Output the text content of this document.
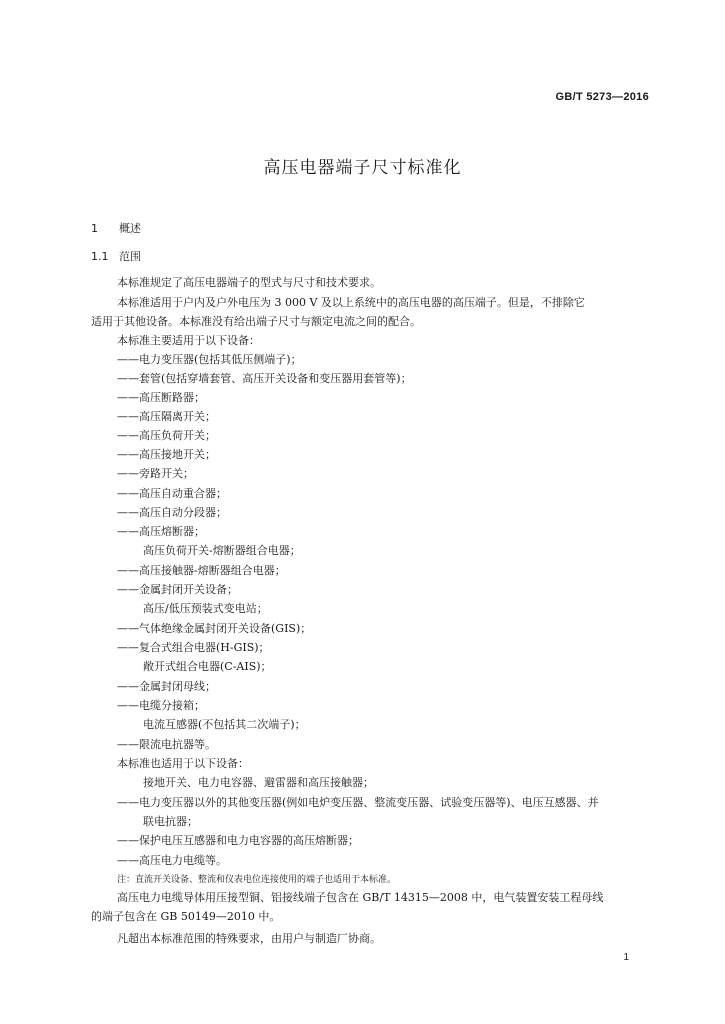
GB/T 5273—2016
高压电器端子尺寸标准化
1 概述
1.1 范围
本标准规定了高压电器端子的型式与尺寸和技术要求。
本标准适用于户内及户外电压为 3 000 V 及以上系统中的高压电器的高压端子。但是，不排除它
适用于其他设备。本标准没有给出端子尺寸与额定电流之间的配合。
本标准主要适用于以下设备：
——电力变压器(包括其低压侧端子)；
——套管(包括穿墙套管、高压开关设备和变压器用套管等)；
——高压断路器；
——高压隔离开关；
——高压负荷开关；
——高压接地开关；
——旁路开关；
——高压自动重合器；
——高压自动分段器；
——高压熔断器；
高压负荷开关-熔断器组合电器；
——高压接触器-熔断器组合电器；
——金属封闭开关设备；
高压/低压预装式变电站；
——气体绝缘金属封闭开关设备(GIS)；
——复合式组合电器(H-GIS)；
敞开式组合电器(C-AIS)；
——金属封闭母线；
——电缆分接箱；
电流互感器(不包括其二次端子)；
——限流电抗器等。
本标准也适用于以下设备：
接地开关、电力电容器、避雷器和高压接触器；
——电力变压器以外的其他变压器(例如电炉变压器、整流变压器、试验变压器等)、电压互感器、并
联电抗器；
——保护电压互感器和电力电容器的高压熔断器；
——高压电力电缆等。
注：直流开关设备、整流和仪表电位连接使用的端子也适用于本标准。
高压电力电缆导体用压接型铜、铝接线端子包含在 GB/T 14315—2008 中，电气装置安装工程母线
的端子包含在 GB 50149—2010 中。
凡超出本标准范围的特殊要求，由用户与制造厂协商。
1
